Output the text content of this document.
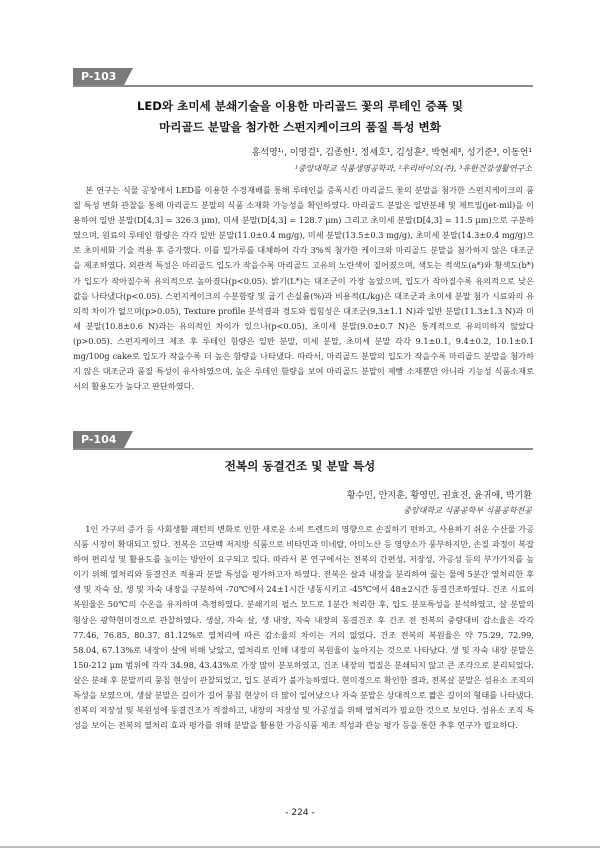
P-103
LED와 초미세 분쇄기술을 이용한 마리골드 꽃의 루테인 증폭 및
마리골드 분말을 첨가한 스펀지케이크의 품질 특성 변화
홍석영¹˒, 이영걸¹, 김종헌¹, 정세호¹, 김성훈², 박현제³, 성기준³, 이동언¹
¹중앙대학교 식품생명공학과, ²우리바이오(주), ³유한건강생활연구소

본 연구는 식물 공장에서 LED를 이용한 수경재배를 통해 루테인을 증폭시킨 마리골드 꽃의 분말을 첨가한 스펀지케이크의 품질 특성 변화 관찰을 통해 마리골드 분말의 식품 소재화 가능성을 확인하였다. 마리골드 분말은 일반분쇄 및 제트밀(jet-mil)을 이용하여 일반 분말(D[4,3] = 326.3 μm), 미세 분말(D[4,3] = 128.7 μm) 그리고 초미세 분말(D[4,3] = 11.5 μm)으로 구분하였으며, 원료의 루테인 함량은 각각 일반 분말(11.0±0.4 mg/g), 미세 분말(13.5±0.3 mg/g), 초미세 분말(14.3±0.4 mg/g)으로 초미세화 기술 적용 후 증가했다. 이를 밀가루를 대체하여 각각 3%씩 첨가한 케이크와 마리골드 분말을 첨가하지 않은 대조군을 제조하였다. 외관적 특성은 마리골드 입도가 작을수록 마리골드 고유의 노란색이 짙어졌으며, 색도는 적색도(a*)와 황색도(b*)가 입도가 작아질수록 유의적으로 높아졌다(p<0.05). 밝기(L*)는 대조군이 가장 높았으며, 입도가 작아질수록 유의적으로 낮은 값을 나타냈다(p<0.05). 스펀지케이크의 수분함량 및 굽기 손실률(%)과 비용적(L/kg)은 대조군과 초미세 분말 첨가 시료와의 유의적 차이가 없으며(p>0.05), Texture profile 분석결과 경도와 씹힘성은 대조군(9.3±1.1 N)과 일반 분말(11.3±1.3 N)과 미세 분말(10.8±0.6 N)과는 유의적인 차이가 있으나(p<0.05), 초미세 분말(9.0±0.7 N)은 통계적으로 유의미하지 않았다(p>0.05). 스펀지케이크 제조 후 루테인 함량은 일반 분말, 미세 분말, 초미세 분말 각각 9.1±0.1, 9.4±0.2, 10.1±0.1 mg/100g cake로 입도가 작을수록 더 높은 함량을 나타냈다. 따라서, 마리골드 분말의 입도가 작을수록 마리골드 분말을 첨가하지 않은 대조군과 품질 특성이 유사하였으며, 높은 루테인 함량을 보여 마리골드 분말이 제빵 소재뿐만 아니라 기능성 식품소재로서의 활용도가 높다고 판단하였다.

P-104
전복의 동결건조 및 분말 특성
황수민, 안지훈, 황영민, 권효진, 윤귀애, 박기환
중앙대학교 식품공학부 식품공학전공

1인 가구의 증가 등 사회생활 패턴의 변화로 인한 새로운 소비 트렌드의 영향으로 손질하기 편하고, 사용하기 쉬운 수산물 가공식품 시장이 확대되고 있다. 전복은 고단백 저지방 식품으로 비타민과 미네랄, 아미노산 등 영양소가 풍부하지만, 손질 과정이 복잡하여 편리성 및 활용도를 높이는 방안이 요구되고 있다. 따라서 본 연구에서는 전복의 간편성, 저장성, 가공성 등의 부가가치를 높이기 위해 열처리와 동결건조 적용과 분말 특성을 평가하고자 하였다. 전복은 살과 내장을 분리하여 끓는 물에 5분간 열처리한 후 생 및 자숙 살, 생 및 자숙 내장을 구분하여 -70℃에서 24±1시간 냉동시키고 -45℃에서 48±2시간 동결건조하였다. 건조 시료의 복원율은 50℃의 수온을 유지하며 측정하였다. 분쇄기의 펄스 모드로 1분간 처리한 후, 입도 분포특성을 분석하였고, 살 분말의 형상은 광학현미경으로 관찰하였다. 생살, 자숙 살, 생 내장, 자숙 내장의 동결건조 후 건조 전 전복의 중량대비 감소율은 각각 77.46, 76.85, 80.37, 81.12%로 열처리에 따른 감소율의 차이는 거의 없었다. 건조 전복의 복원율은 약 75.29, 72.99, 58.04, 67.13%로 내장이 살에 비해 낮았고, 열처리로 인해 내장의 복원율이 높아지는 것으로 나타났다. 생 및 자숙 내장 분말은 150-212 μm 범위에 각각 34.98, 43.43%로 가장 많이 분포하였고, 건조 내장의 껍질은 분쇄되지 않고 큰 조각으로 분리되었다. 살은 분쇄 후 분말끼리 뭉침 현상이 관찰되었고, 입도 분리가 불가능하였다. 현미경으로 확인한 결과, 전복살 분말은 섬유소 조직의 특성을 보였으며, 생살 분말은 길이가 길어 뭉침 현상이 더 많이 일어났으나 자숙 분말은 상대적으로 짧은 길이의 형태를 나타냈다. 전복의 저장성 및 복원성에 동결건조가 적절하고, 내장의 저장성 및 가공성을 위해 열처리가 필요한 것으로 보인다. 섬유소 조직 특성을 보이는 전복의 열처리 효과 평가를 위해 분말을 활용한 가공식품 제조 적성과 관능 평가 등을 통한 추후 연구가 필요하다.

- 224 -
